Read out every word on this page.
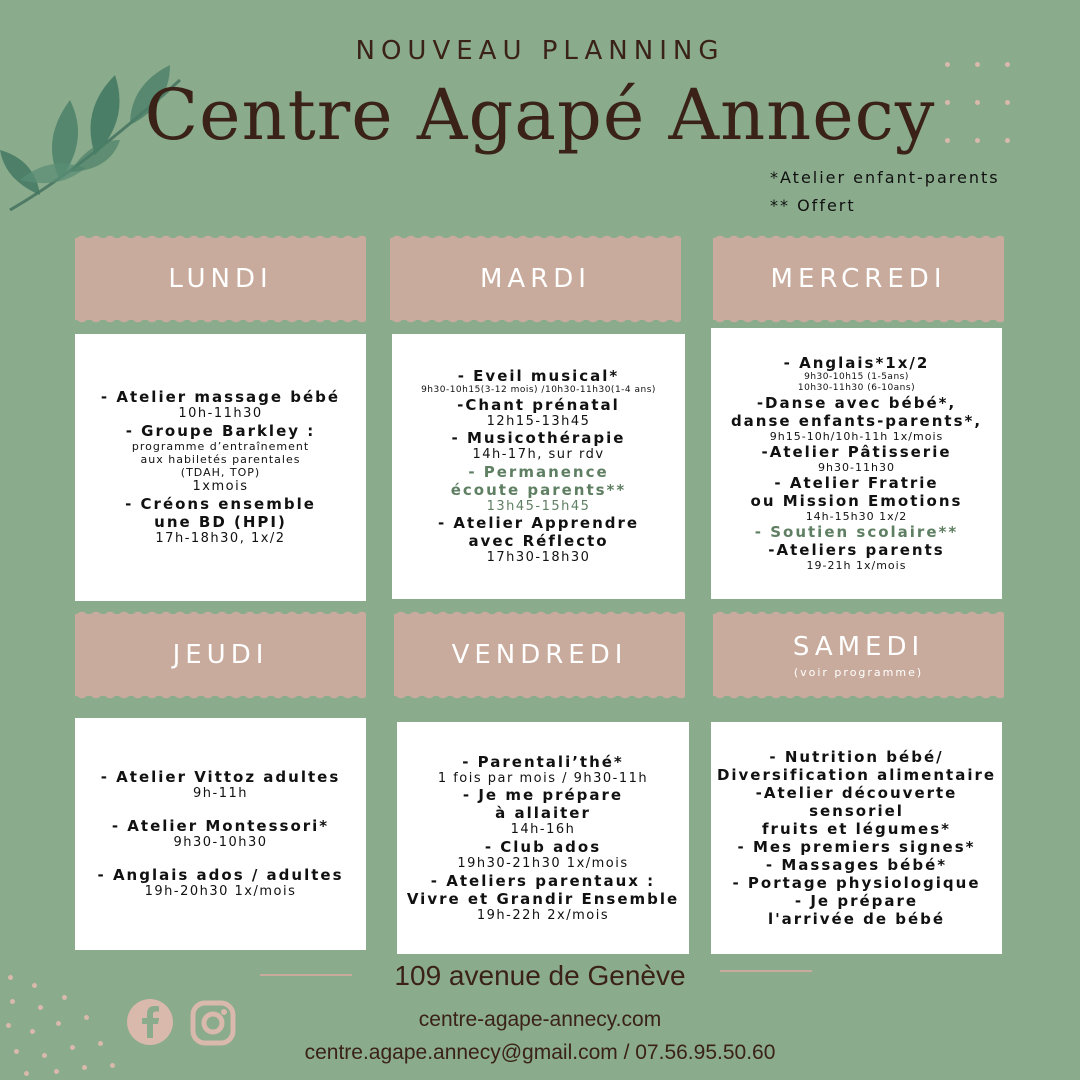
NOUVEAU PLANNING
Centre Agapé Annecy
*Atelier enfant-parents
** Offert
LUNDI	MARDI	MERCREDI
JEUDI	VENDREDI	SAMEDI
(voir programme)
- Atelier massage bébé
10h-11h30
- Groupe Barkley :
programme d’entraînement
aux habiletés parentales
(TDAH, TOP)
1xmois
- Créons ensemble
une BD (HPI)
17h-18h30, 1x/2
- Eveil musical*
9h30-10h15(3-12 mois) /10h30-11h30(1-4 ans)
-Chant prénatal
12h15-13h45
- Musicothérapie
14h-17h, sur rdv
- Permanence
écoute parents**
13h45-15h45
- Atelier Apprendre
avec Réflecto
17h30-18h30
- Anglais*1x/2
9h30-10h15 (1-5ans)
10h30-11h30 (6-10ans)
-Danse avec bébé*,
danse enfants-parents*,
9h15-10h/10h-11h 1x/mois
-Atelier Pâtisserie
9h30-11h30
- Atelier Fratrie
ou Mission Emotions
14h-15h30 1x/2
- Soutien scolaire**
-Ateliers parents
19-21h 1x/mois
- Atelier Vittoz adultes
9h-11h

- Atelier Montessori*
9h30-10h30

- Anglais ados / adultes
19h-20h30 1x/mois
- Parentali’thé*
1 fois par mois / 9h30-11h
- Je me prépare
à allaiter
14h-16h
- Club ados
19h30-21h30 1x/mois
- Ateliers parentaux :
Vivre et Grandir Ensemble
19h-22h 2x/mois
- Nutrition bébé/
Diversification alimentaire
-Atelier découverte
sensoriel
fruits et légumes*
- Mes premiers signes*
- Massages bébé*
- Portage physiologique
- Je prépare
l'arrivée de bébé
109 avenue de Genève
centre-agape-annecy.com
centre.agape.annecy@gmail.com / 07.56.95.50.60
